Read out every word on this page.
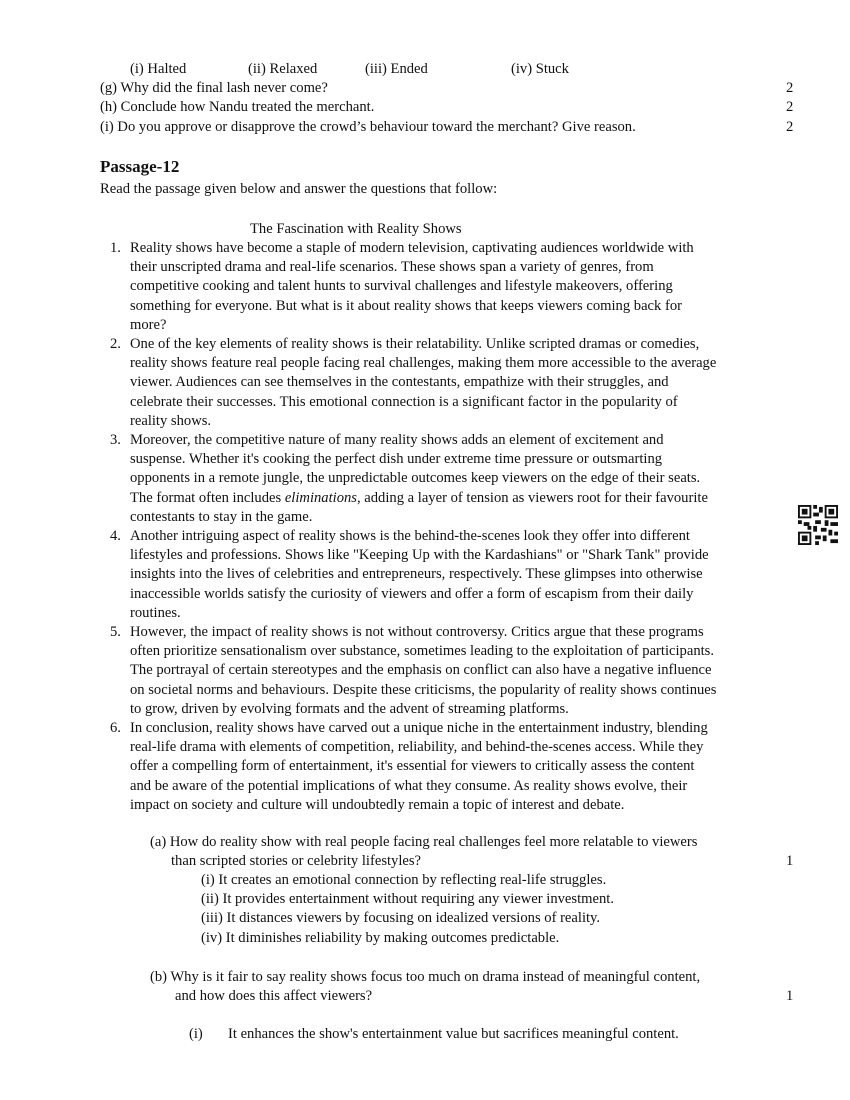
(i) Halted	(ii) Relaxed	(iii) Ended	(iv) Stuck
(g) Why did the final lash never come?	2
(h) Conclude how Nandu treated the merchant.	2
(i) Do you approve or disapprove the crowd’s behaviour toward the merchant? Give reason.	2
Passage-12
Read the passage given below and answer the questions that follow:
The Fascination with Reality Shows
1. Reality shows have become a staple of modern television, captivating audiences worldwide with
their unscripted drama and real-life scenarios. These shows span a variety of genres, from
competitive cooking and talent hunts to survival challenges and lifestyle makeovers, offering
something for everyone. But what is it about reality shows that keeps viewers coming back for
more?
2. One of the key elements of reality shows is their relatability. Unlike scripted dramas or comedies,
reality shows feature real people facing real challenges, making them more accessible to the average
viewer. Audiences can see themselves in the contestants, empathize with their struggles, and
celebrate their successes. This emotional connection is a significant factor in the popularity of
reality shows.
3. Moreover, the competitive nature of many reality shows adds an element of excitement and
suspense. Whether it's cooking the perfect dish under extreme time pressure or outsmarting
opponents in a remote jungle, the unpredictable outcomes keep viewers on the edge of their seats.
The format often includes eliminations, adding a layer of tension as viewers root for their favourite
contestants to stay in the game.
4. Another intriguing aspect of reality shows is the behind-the-scenes look they offer into different
lifestyles and professions. Shows like "Keeping Up with the Kardashians" or "Shark Tank" provide
insights into the lives of celebrities and entrepreneurs, respectively. These glimpses into otherwise
inaccessible worlds satisfy the curiosity of viewers and offer a form of escapism from their daily
routines.
5. However, the impact of reality shows is not without controversy. Critics argue that these programs
often prioritize sensationalism over substance, sometimes leading to the exploitation of participants.
The portrayal of certain stereotypes and the emphasis on conflict can also have a negative influence
on societal norms and behaviours. Despite these criticisms, the popularity of reality shows continues
to grow, driven by evolving formats and the advent of streaming platforms.
6. In conclusion, reality shows have carved out a unique niche in the entertainment industry, blending
real-life drama with elements of competition, reliability, and behind-the-scenes access. While they
offer a compelling form of entertainment, it's essential for viewers to critically assess the content
and be aware of the potential implications of what they consume. As reality shows evolve, their
impact on society and culture will undoubtedly remain a topic of interest and debate.
(a) How do reality show with real people facing real challenges feel more relatable to viewers
than scripted stories or celebrity lifestyles?	1
(i) It creates an emotional connection by reflecting real-life struggles.
(ii) It provides entertainment without requiring any viewer investment.
(iii) It distances viewers by focusing on idealized versions of reality.
(iv) It diminishes reliability by making outcomes predictable.
(b) Why is it fair to say reality shows focus too much on drama instead of meaningful content,
and how does this affect viewers?	1
(i) It enhances the show's entertainment value but sacrifices meaningful content.
